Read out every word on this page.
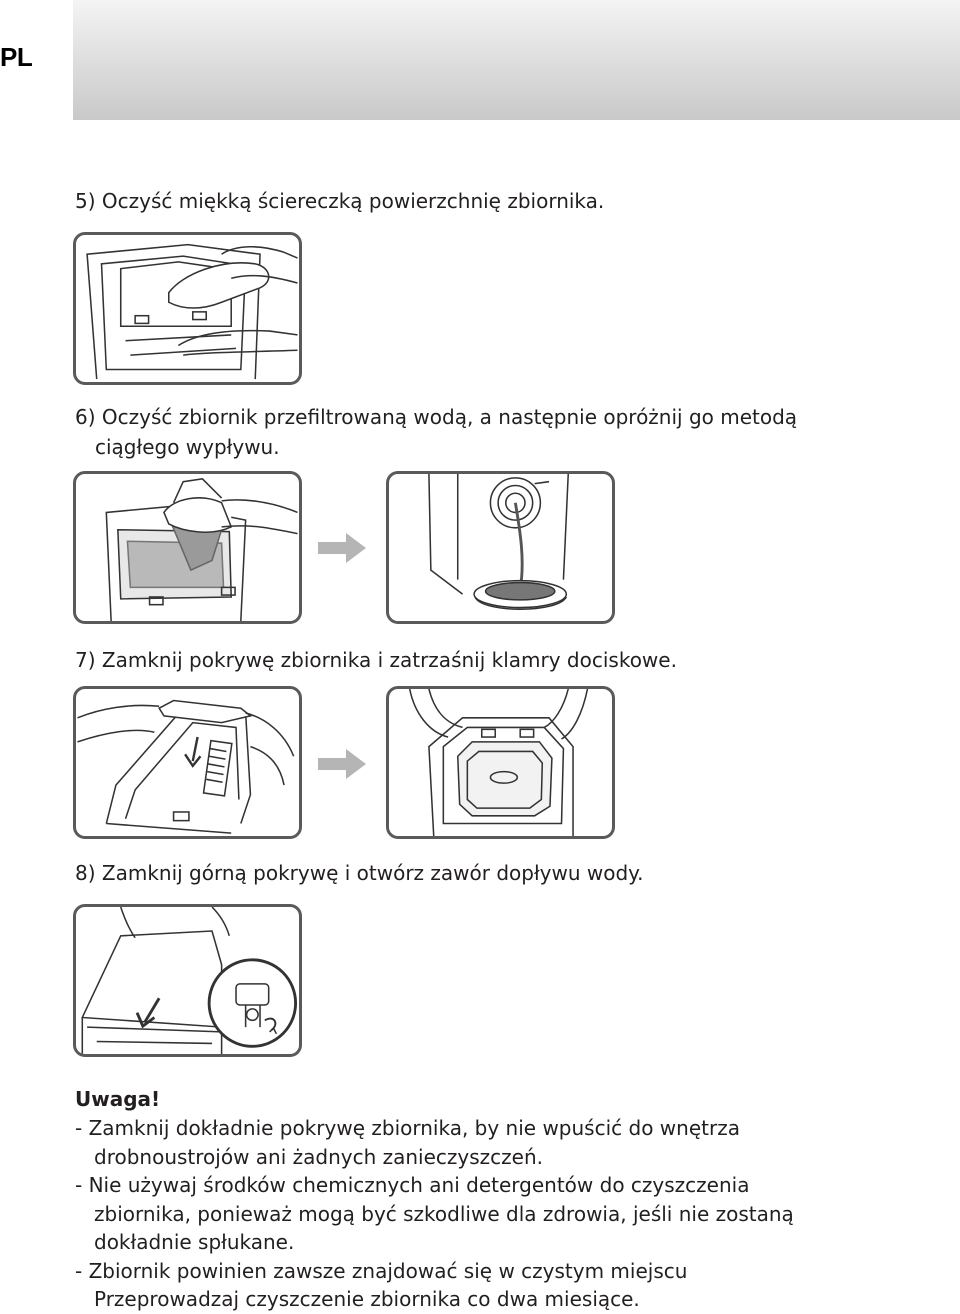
PL
5) Oczyść miękką ściereczką powierzchnię zbiornika.
6) Oczyść zbiornik przefiltrowaną wodą, a następnie opróżnij go metodą
ciągłego wypływu.
7) Zamknij pokrywę zbiornika i zatrzaśnij klamry dociskowe.
8) Zamknij górną pokrywę i otwórz zawór dopływu wody.
Uwaga!

- Zamknij dokładnie pokrywę zbiornika, by nie wpuścić do wnętrza
drobnoustrojów ani żadnych zanieczyszczeń.

- Nie używaj środków chemicznych ani detergentów do czyszczenia
zbiornika, ponieważ mogą być szkodliwe dla zdrowia, jeśli nie zostaną
dokładnie spłukane.

- Zbiornik powinien zawsze znajdować się w czystym miejscu
Przeprowadzaj czyszczenie zbiornika co dwa miesiące.
